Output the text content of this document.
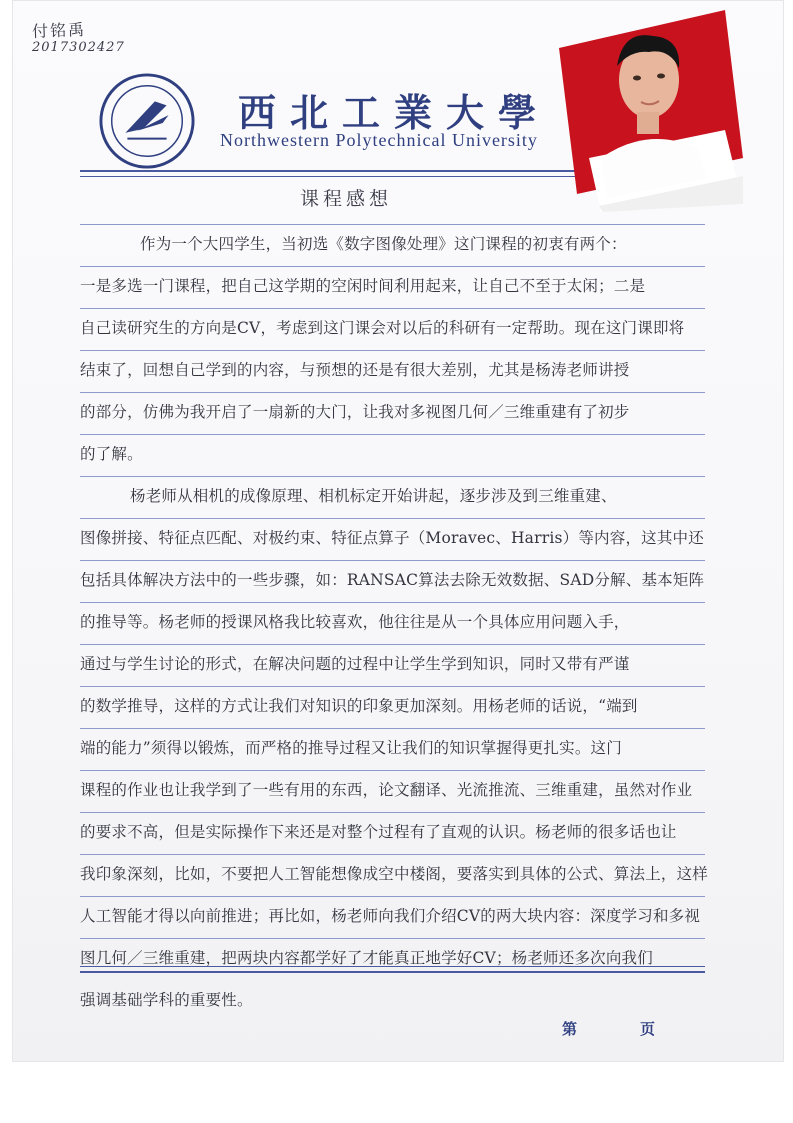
付铭禹
2017302427
西北工業大學
Northwestern Polytechnical University
课程感想
作为一个大四学生，当初选《数字图像处理》这门课程的初衷有两个：
一是多选一门课程，把自己这学期的空闲时间利用起来，让自己不至于太闲；二是
自己读研究生的方向是CV，考虑到这门课会对以后的科研有一定帮助。现在这门课即将
结束了，回想自己学到的内容，与预想的还是有很大差别，尤其是杨涛老师讲授
的部分，仿佛为我开启了一扇新的大门，让我对多视图几何／三维重建有了初步
的了解。
杨老师从相机的成像原理、相机标定开始讲起，逐步涉及到三维重建、
图像拼接、特征点匹配、对极约束、特征点算子（Moravec、Harris）等内容，这其中还
包括具体解决方法中的一些步骤，如：RANSAC算法去除无效数据、SAD分解、基本矩阵
的推导等。杨老师的授课风格我比较喜欢，他往往是从一个具体应用问题入手，
通过与学生讨论的形式，在解决问题的过程中让学生学到知识，同时又带有严谨
的数学推导，这样的方式让我们对知识的印象更加深刻。用杨老师的话说，“端到
端的能力”须得以锻炼，而严格的推导过程又让我们的知识掌握得更扎实。这门
课程的作业也让我学到了一些有用的东西，论文翻译、光流推流、三维重建，虽然对作业
的要求不高，但是实际操作下来还是对整个过程有了直观的认识。杨老师的很多话也让
我印象深刻，比如，不要把人工智能想像成空中楼阁，要落实到具体的公式、算法上，这样
人工智能才得以向前推进；再比如，杨老师向我们介绍CV的两大块内容：深度学习和多视
图几何／三维重建，把两块内容都学好了才能真正地学好CV；杨老师还多次向我们
强调基础学科的重要性。
第	页
